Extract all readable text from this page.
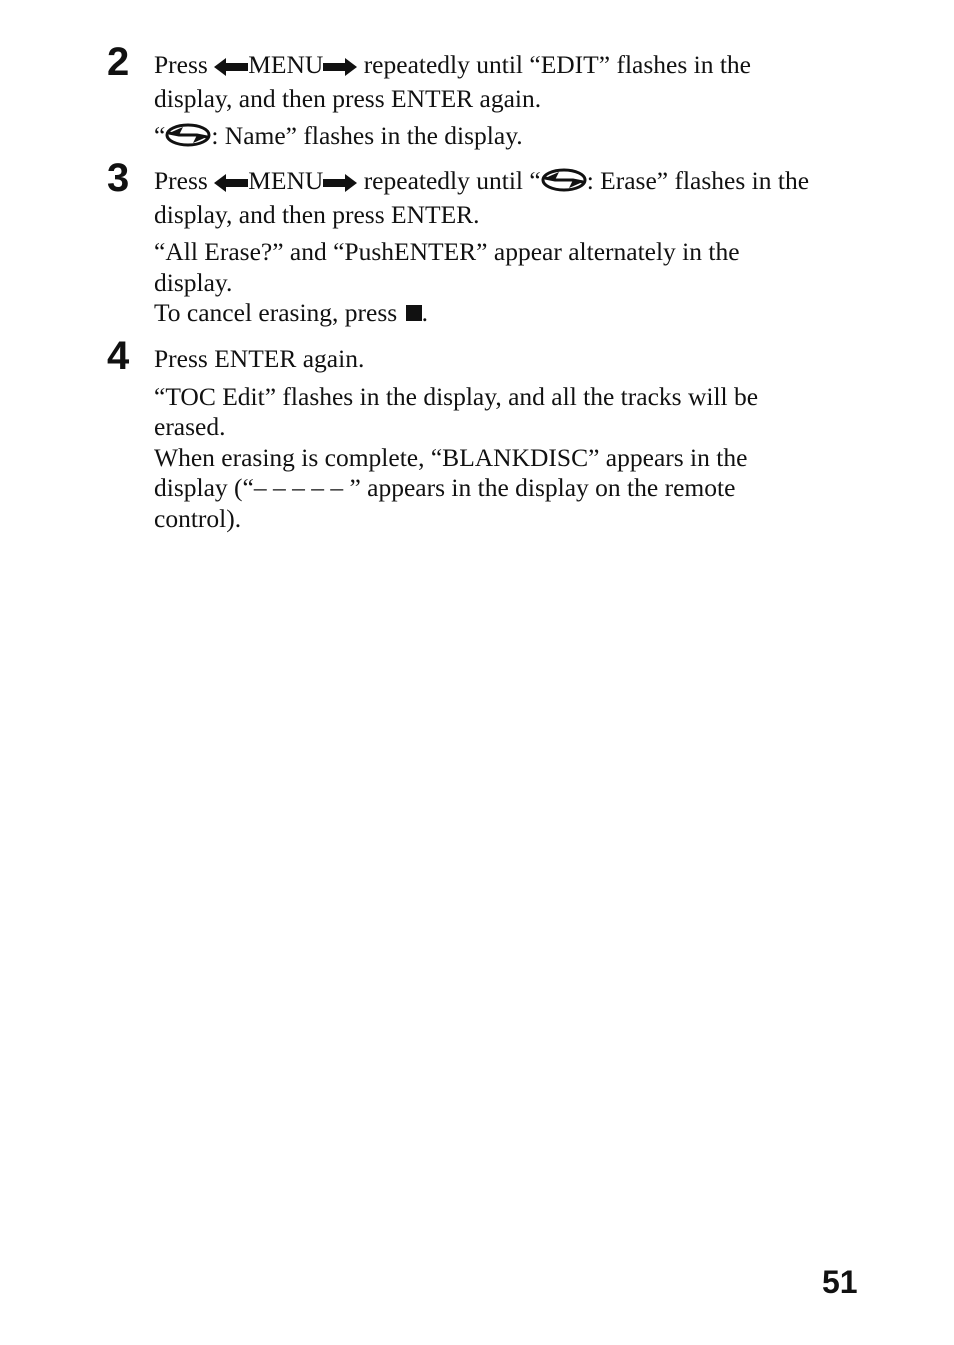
2 Press MENU repeatedly until “EDIT” flashes in the
display, and then press ENTER again.
“ : Name” flashes in the display.
3 Press MENU repeatedly until “ : Erase” flashes in the
display, and then press ENTER.
“All Erase?” and “PushENTER” appear alternately in the
display.
To cancel erasing, press .
4 Press ENTER again.
“TOC Edit” flashes in the display, and all the tracks will be
erased.
When erasing is complete, “BLANKDISC” appears in the
display (“– – – – – ” appears in the display on the remote
control).
51
